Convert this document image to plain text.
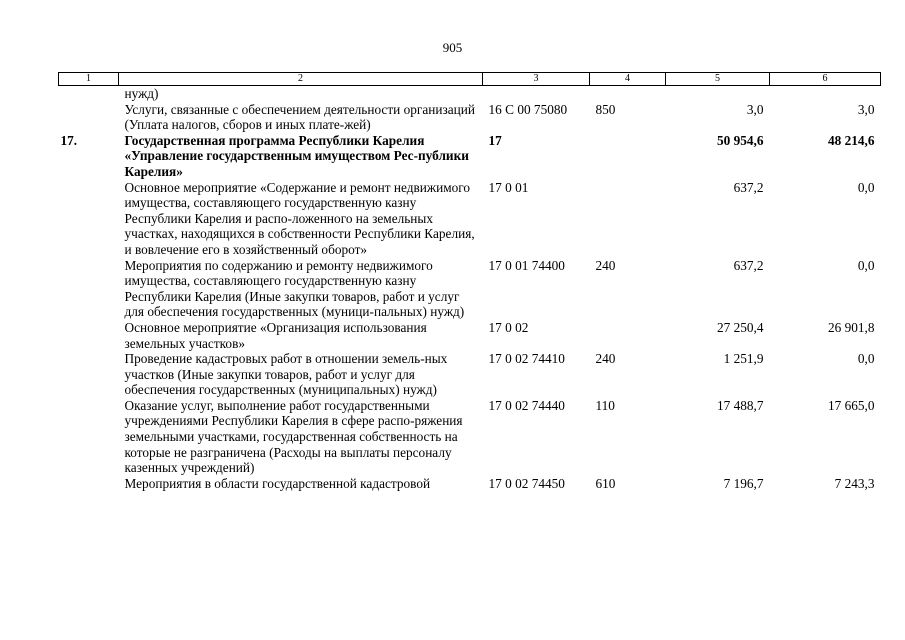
905
1	2	3	4	5	6
	нужд)				
	Услуги, связанные с обеспечением деятельности организаций (Уплата налогов, сборов и иных плате-жей)	16 С 00 75080	850	3,0	3,0
17.	Государственная программа Республики Карелия «Управление государственным имуществом Рес-публики Карелия»	17		50 954,6	48 214,6
	Основное мероприятие «Содержание и ремонт недвижимого имущества, составляющего государственную казну Республики Карелия и распо-ложенного на земельных участках, находящихся в собственности Республики Карелия, и вовлечение его в хозяйственный оборот»	17 0 01		637,2	0,0
	Мероприятия по содержанию и ремонту недвижимого имущества, составляющего государственную казну Республики Карелия (Иные закупки товаров, работ и услуг для обеспечения государственных (муници-пальных) нужд)	17 0 01 74400	240	637,2	0,0
	Основное мероприятие «Организация использования земельных участков»	17 0 02		27 250,4	26 901,8
	Проведение кадастровых работ в отношении земель-ных участков (Иные закупки товаров, работ и услуг для обеспечения государственных (муниципальных) нужд)	17 0 02 74410	240	1 251,9	0,0
	Оказание услуг, выполнение работ государственными учреждениями Республики Карелия в сфере распо-ряжения земельными участками, государственная собственность на которые не разграничена (Расходы на выплаты персоналу казенных учреждений)	17 0 02 74440	110	17 488,7	17 665,0
	Мероприятия в области государственной кадастровой	17 0 02 74450	610	7 196,7	7 243,3
